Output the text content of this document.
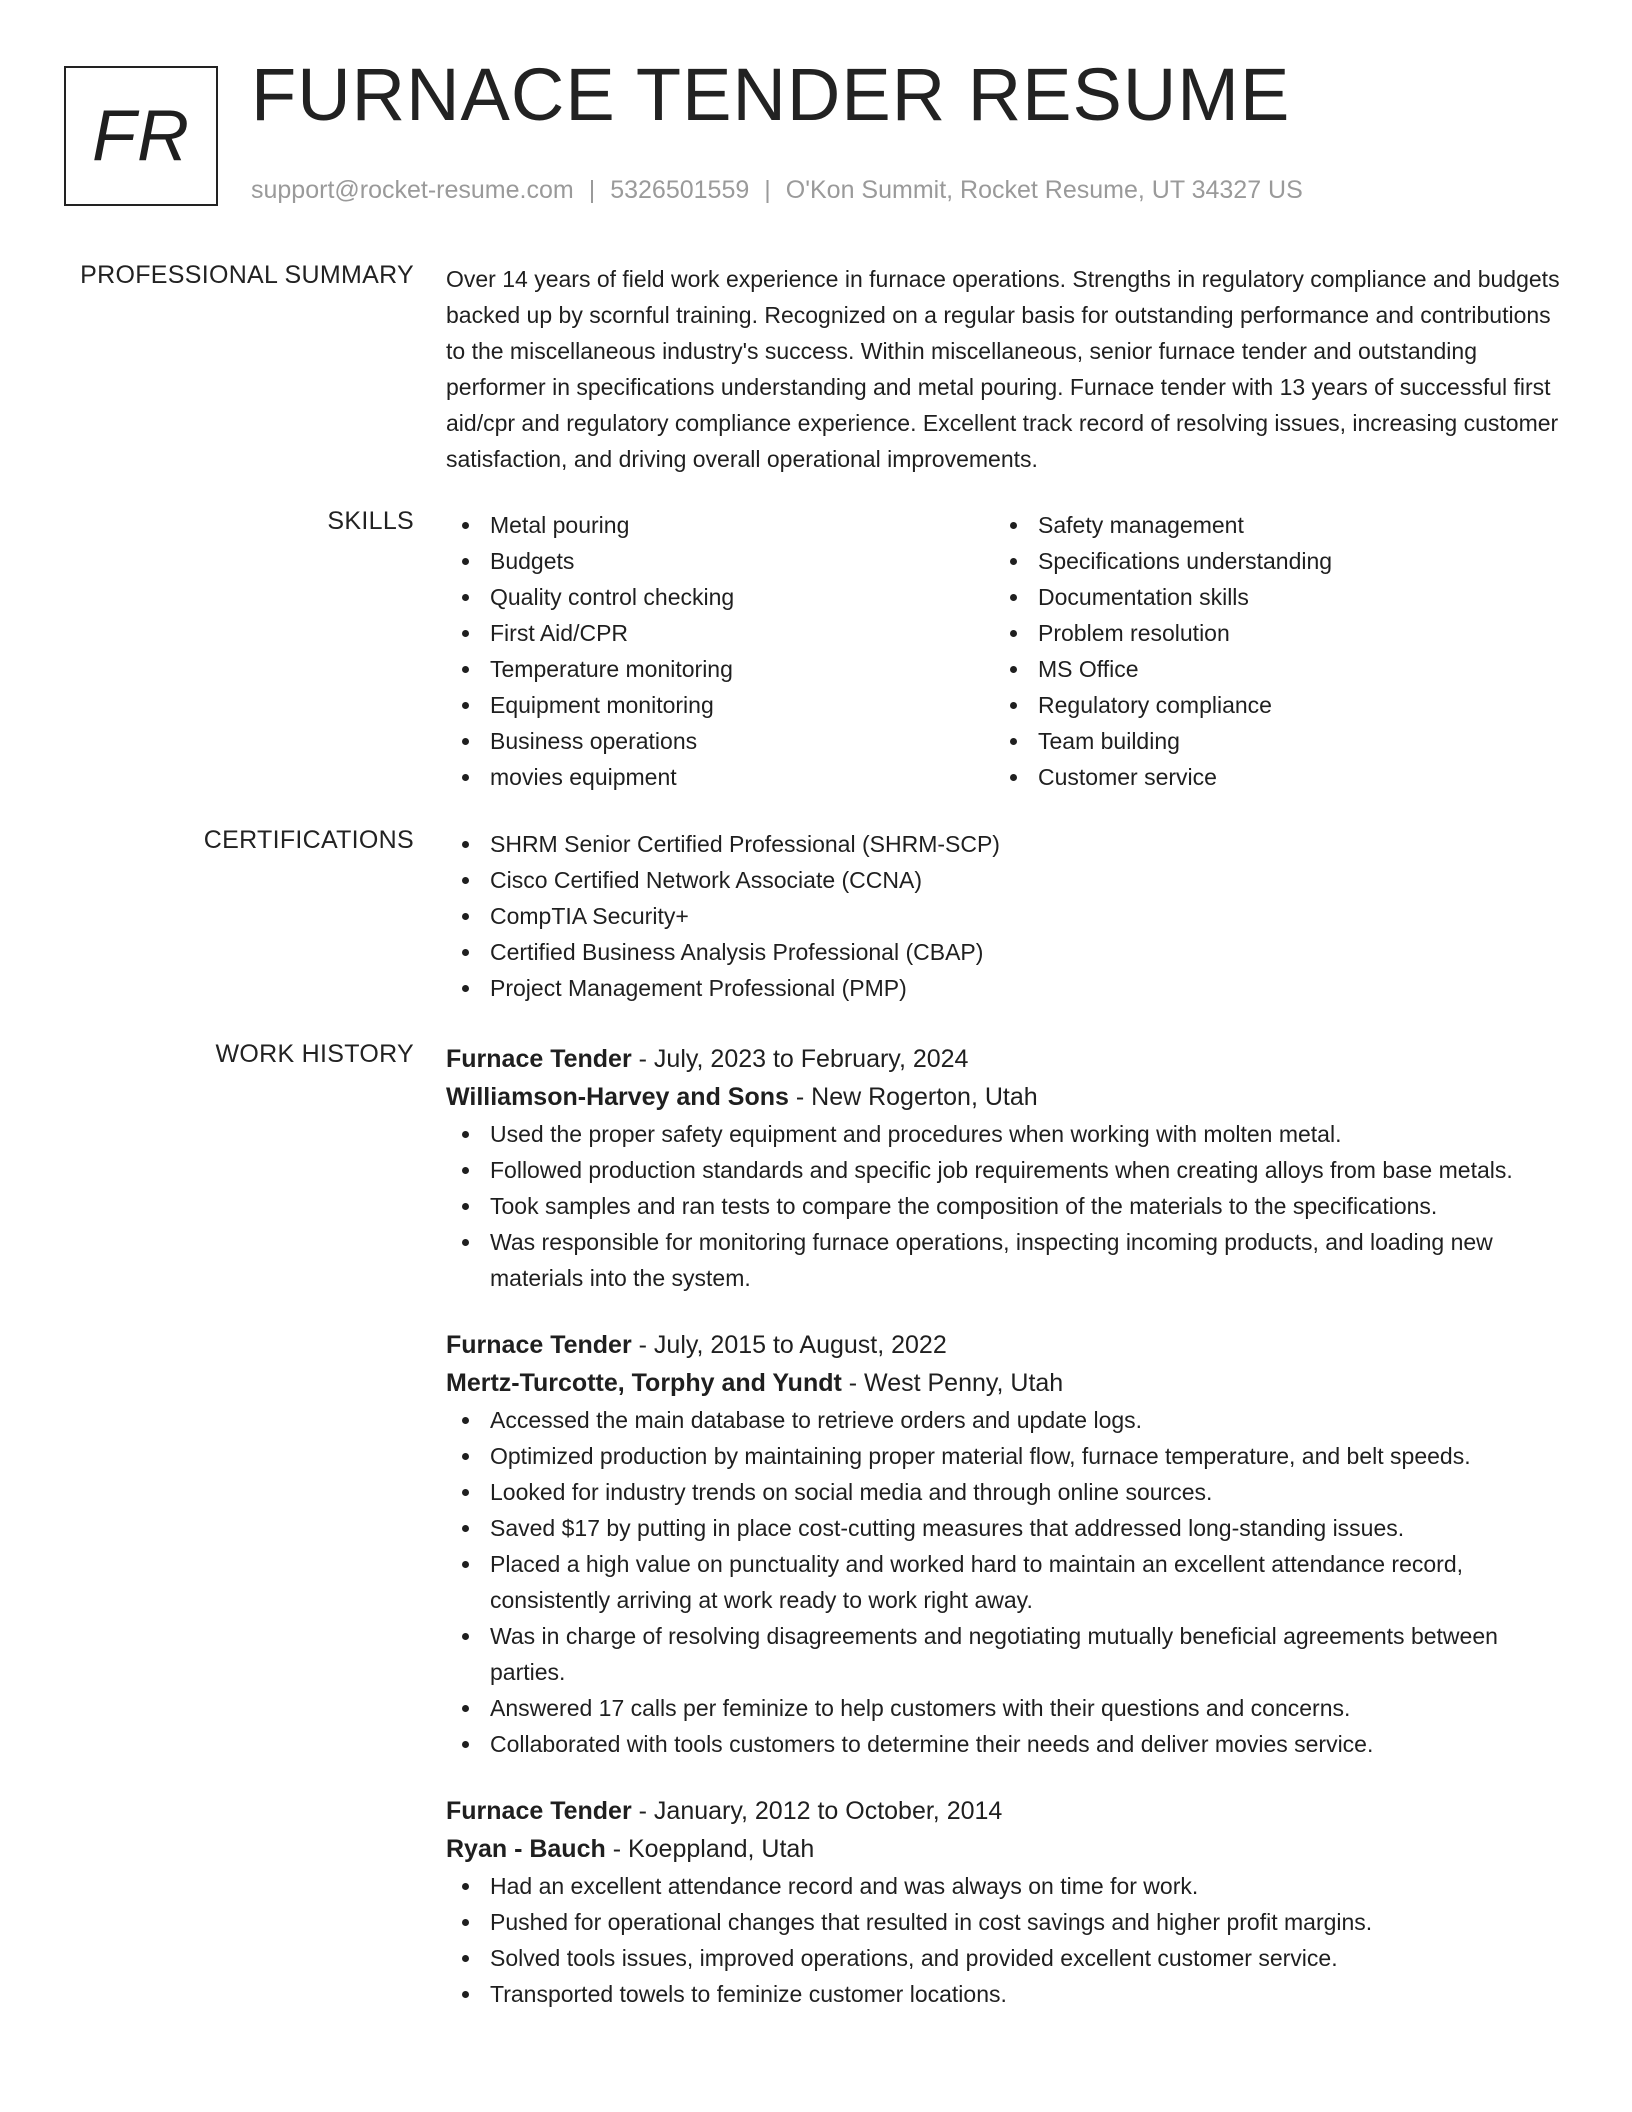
FR FURNACE TENDER RESUME
support@rocket-resume.com | 5326501559 | O'Kon Summit, Rocket Resume, UT 34327 US
PROFESSIONAL SUMMARY Over 14 years of field work experience in furnace operations. Strengths in regulatory compliance and budgets backed up by scornful training. Recognized on a regular basis for outstanding performance and contributions to the miscellaneous industry's success. Within miscellaneous, senior furnace tender and outstanding performer in specifications understanding and metal pouring. Furnace tender with 13 years of successful first aid/cpr and regulatory compliance experience. Excellent track record of resolving issues, increasing customer satisfaction, and driving overall operational improvements.
SKILLS	Metal pouring
Budgets
Quality control checking
First Aid/CPR
Temperature monitoring
Equipment monitoring
Business operations
movies equipment
Safety management
Specifications understanding
Documentation skills
Problem resolution
MS Office
Regulatory compliance
Team building
Customer service
CERTIFICATIONS	SHRM Senior Certified Professional (SHRM-SCP)
Cisco Certified Network Associate (CCNA)
CompTIA Security+
Certified Business Analysis Professional (CBAP)
Project Management Professional (PMP)
WORK HISTORY Furnace Tender - July, 2023 to February, 2024
Williamson-Harvey and Sons - New Rogerton, Utah
Used the proper safety equipment and procedures when working with molten metal.
Followed production standards and specific job requirements when creating alloys from base metals.
Took samples and ran tests to compare the composition of the materials to the specifications.
Was responsible for monitoring furnace operations, inspecting incoming products, and loading new materials into the system.
Furnace Tender - July, 2015 to August, 2022
Mertz-Turcotte, Torphy and Yundt - West Penny, Utah
Accessed the main database to retrieve orders and update logs.
Optimized production by maintaining proper material flow, furnace temperature, and belt speeds.
Looked for industry trends on social media and through online sources.
Saved $17 by putting in place cost-cutting measures that addressed long-standing issues.
Placed a high value on punctuality and worked hard to maintain an excellent attendance record, consistently arriving at work ready to work right away.
Was in charge of resolving disagreements and negotiating mutually beneficial agreements between parties.
Answered 17 calls per feminize to help customers with their questions and concerns.
Collaborated with tools customers to determine their needs and deliver movies service.
Furnace Tender - January, 2012 to October, 2014
Ryan - Bauch - Koeppland, Utah
Had an excellent attendance record and was always on time for work.
Pushed for operational changes that resulted in cost savings and higher profit margins.
Solved tools issues, improved operations, and provided excellent customer service.
Transported towels to feminize customer locations.
